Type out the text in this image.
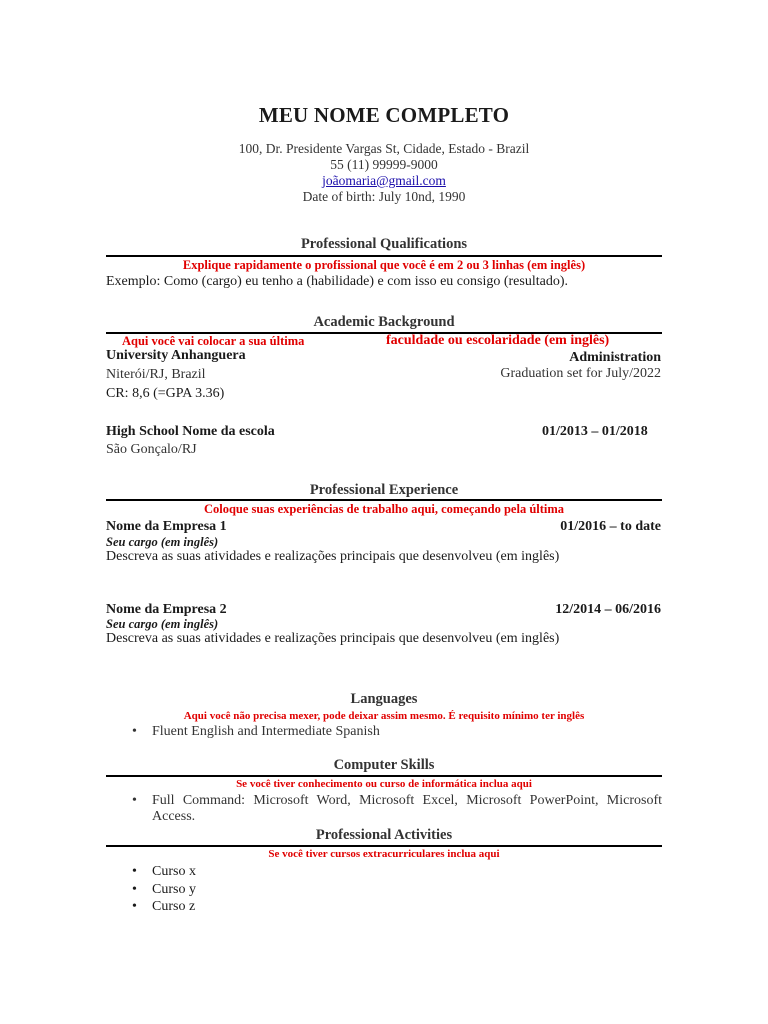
MEU NOME COMPLETO
100, Dr. Presidente Vargas St, Cidade, Estado - Brazil
55 (11) 99999-9000
joãomaria@gmail.com
Date of birth: July 10nd, 1990
Professional Qualifications
Explique rapidamente o profissional que você é em 2 ou 3 linhas (em inglês)
Exemplo: Como (cargo) eu tenho a (habilidade) e com isso eu consigo (resultado).
Academic Background
Aqui você vai colocar a sua última	faculdade ou escolaridade (em inglês)
University Anhanguera	Administration
Niterói/RJ, Brazil	Graduation set for July/2022
CR: 8,6 (=GPA 3.36)
High School Nome da escola	01/2013 – 01/2018
São Gonçalo/RJ
Professional Experience
Coloque suas experiências de trabalho aqui, começando pela última
Nome da Empresa 1	01/2016 – to date
Seu cargo (em inglês)
Descreva as suas atividades e realizações principais que desenvolveu (em inglês)
Nome da Empresa 2	12/2014 – 06/2016
Seu cargo (em inglês)
Descreva as suas atividades e realizações principais que desenvolveu (em inglês)
Languages
Aqui você não precisa mexer, pode deixar assim mesmo. É requisito mínimo ter inglês
• Fluent English and Intermediate Spanish
Computer Skills
Se você tiver conhecimento ou curso de informática inclua aqui
• Full Command: Microsoft Word, Microsoft Excel, Microsoft PowerPoint, Microsoft Access.
Professional Activities
Se você tiver cursos extracurriculares inclua aqui
• Curso x
• Curso y
• Curso z
